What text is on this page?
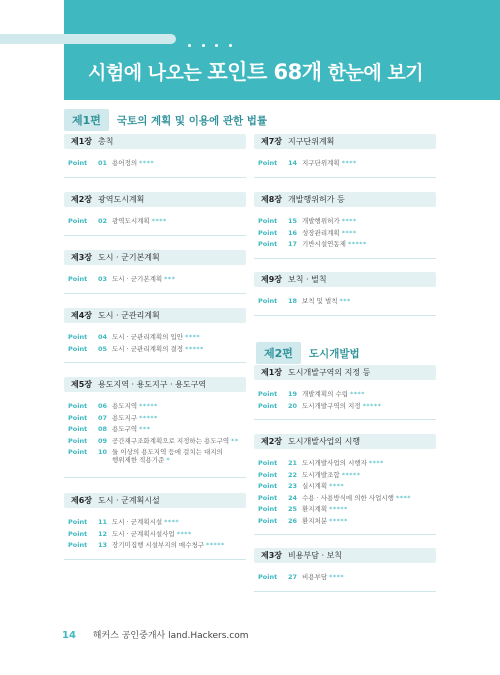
시험에 나오는 포인트 68개 한눈에 보기
제1편	국토의 계획 및 이용에 관한 법률
제2편	도시개발법
14 해커스 공인중개사 land.Hackers.com
제1장 총칙
Point 01 용어정의 ****
제2장 광역도시계획
Point 02 광역도시계획 ****
제3장 도시 · 군기본계획
Point 03 도시 · 군기본계획 ***
제4장 도시 · 군관리계획
Point 04 도시 · 군관리계획의 입안 ****
Point 05 도시 · 군관리계획의 결정 *****
제5장 용도지역 · 용도지구 · 용도구역
Point 06 용도지역 *****
Point 07 용도지구 *****
Point 08 용도구역 ***
Point 09 공간재구조화계획으로 지정하는 용도구역 **
Point 10 둘 이상의 용도지역 등에 걸치는 대지의
행위제한 적용기준 *
제6장 도시 · 군계획시설
Point 11 도시 · 군계획시설 ****
Point 12 도시 · 군계획시설사업 ****
Point 13 장기미집행 시설부지의 매수청구 *****
제7장 지구단위계획
Point 14 지구단위계획 ****
제8장 개발행위허가 등
Point 15 개발행위허가 ****
Point 16 성장관리계획 ****
Point 17 기반시설연동제 *****
제9장 보칙 · 벌칙
Point 18 보칙 및 벌칙 ***
제1장 도시개발구역의 지정 등
Point 19 개발계획의 수립 ****
Point 20 도시개발구역의 지정 *****
제2장 도시개발사업의 시행
Point 21 도시개발사업의 시행자 ****
Point 22 도시개발조합 *****
Point 23 실시계획 ****
Point 24 수용 · 사용방식에 의한 사업시행 ****
Point 25 환지계획 *****
Point 26 환지처분 *****
제3장 비용부담 · 보칙
Point 27 비용부담 ****
